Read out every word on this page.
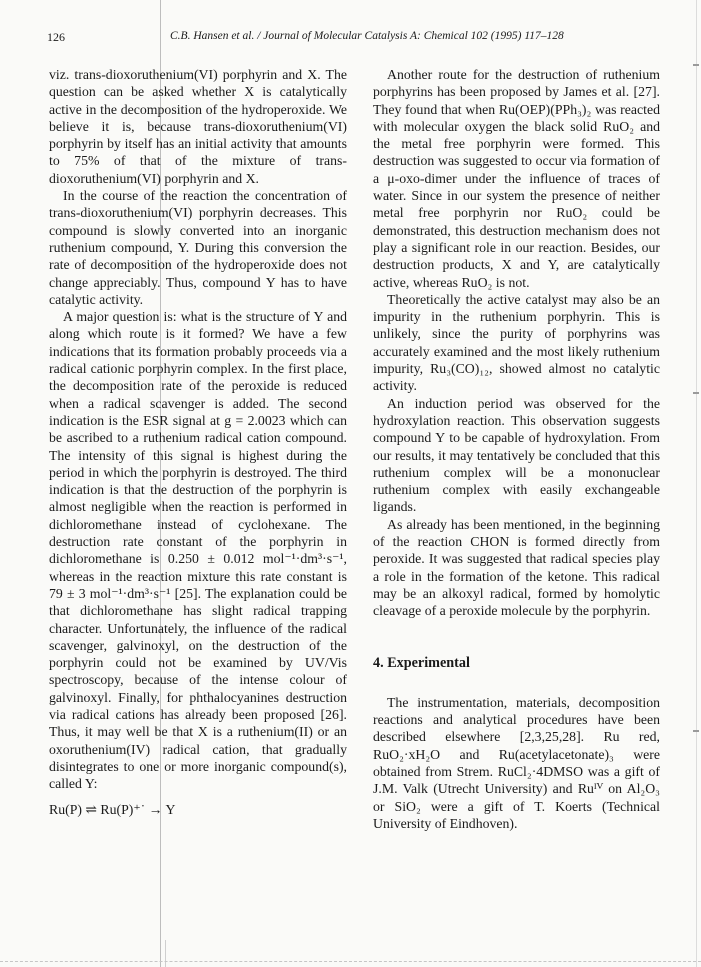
126	C.B. Hansen et al. / Journal of Molecular Catalysis A: Chemical 102 (1995) 117–128

viz. trans-dioxoruthenium(VI) porphyrin and X. The question can be asked whether X is catalytically active in the decomposition of the hydroperoxide. We believe it is, because trans-dioxoruthenium(VI) porphyrin by itself has an initial activity that amounts to 75% of that of the mixture of trans-dioxoruthenium(VI) porphyrin and X.

In the course of the reaction the concentration of trans-dioxoruthenium(VI) porphyrin decreases. This compound is slowly converted into an inorganic ruthenium compound, Y. During this conversion the rate of decomposition of the hydroperoxide does not change appreciably. Thus, compound Y has to have catalytic activity.

A major question is: what is the structure of Y and along which route is it formed? We have a few indications that its formation probably proceeds via a radical cationic porphyrin complex. In the first place, the decomposition rate of the peroxide is reduced when a radical scavenger is added. The second indication is the ESR signal at g = 2.0023 which can be ascribed to a ruthenium radical cation compound. The intensity of this signal is highest during the period in which the porphyrin is destroyed. The third indication is that the destruction of the porphyrin is almost negligible when the reaction is performed in dichloromethane instead of cyclohexane. The destruction rate constant of the porphyrin in dichloromethane is 0.250 ± 0.012 mol⁻¹·dm³·s⁻¹, whereas in the reaction mixture this rate constant is 79 ± 3 mol⁻¹·dm³·s⁻¹ [25]. The explanation could be that dichloromethane has slight radical trapping character. Unfortunately, the influence of the radical scavenger, galvinoxyl, on the destruction of the porphyrin could not be examined by UV/Vis spectroscopy, because of the intense colour of galvinoxyl. Finally, for phthalocyanines destruction via radical cations has already been proposed [26]. Thus, it may well be that X is a ruthenium(II) or an oxoruthenium(IV) radical cation, that gradually disintegrates to one or more inorganic compound(s), called Y:

Ru(P) ⇌ Ru(P)⁺˙ → Y

Another route for the destruction of ruthenium porphyrins has been proposed by James et al. [27]. They found that when Ru(OEP)(PPh₃)₂ was reacted with molecular oxygen the black solid RuO₂ and the metal free porphyrin were formed. This destruction was suggested to occur via formation of a μ-oxo-dimer under the influence of traces of water. Since in our system the presence of neither metal free porphyrin nor RuO₂ could be demonstrated, this destruction mechanism does not play a significant role in our reaction. Besides, our destruction products, X and Y, are catalytically active, whereas RuO₂ is not.

Theoretically the active catalyst may also be an impurity in the ruthenium porphyrin. This is unlikely, since the purity of porphyrins was accurately examined and the most likely ruthenium impurity, Ru₃(CO)₁₂, showed almost no catalytic activity.

An induction period was observed for the hydroxylation reaction. This observation suggests compound Y to be capable of hydroxylation. From our results, it may tentatively be concluded that this ruthenium complex will be a mononuclear ruthenium complex with easily exchangeable ligands.

As already has been mentioned, in the beginning of the reaction CHON is formed directly from peroxide. It was suggested that radical species play a role in the formation of the ketone. This radical may be an alkoxyl radical, formed by homolytic cleavage of a peroxide molecule by the porphyrin.

4. Experimental

The instrumentation, materials, decomposition reactions and analytical procedures have been described elsewhere [2,3,25,28]. Ru red, RuO₂·xH₂O and Ru(acetylacetonate)₃ were obtained from Strem. RuCl₂·4DMSO was a gift of J.M. Valk (Utrecht University) and Ruᴵⱽ on Al₂O₃ or SiO₂ were a gift of T. Koerts (Technical University of Eindhoven).
